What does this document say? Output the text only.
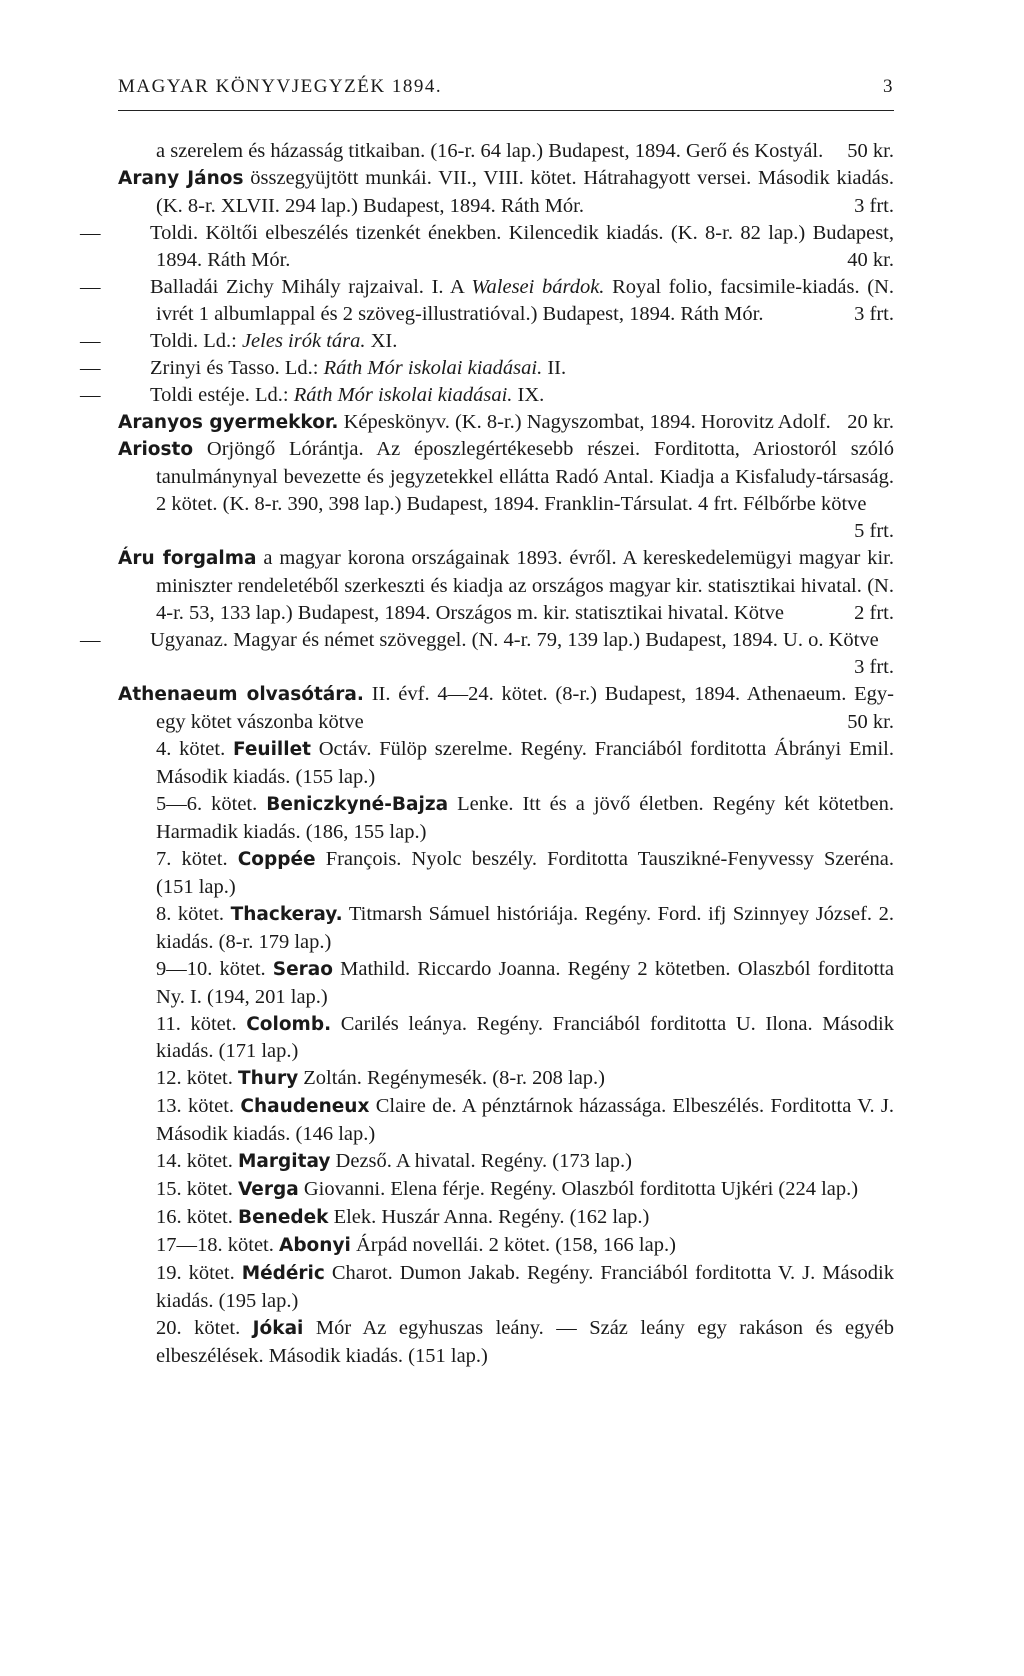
MAGYAR KÖNYVJEGYZÉK 1894.	3

a szerelem és házasság titkaiban. (16-r. 64 lap.) Budapest, 1894. Gerő és Kostyál. 50 kr.

Arany János összegyüjtött munkái. VII., VIII. kötet. Hátrahagyott versei. Második kiadás. (K. 8-r. XLVII. 294 lap.) Budapest, 1894. Ráth Mór.	3 frt.

— Toldi. Költői elbeszélés tizenkét énekben. Kilencedik kiadás. (K. 8-r. 82 lap.) Budapest, 1894. Ráth Mór.	40 kr.

— Balladái Zichy Mihály rajzaival. I. A Walesei bárdok. Royal folio, facsimile-kiadás. (N. ivrét 1 albumlappal és 2 szöveg-illustratióval.) Budapest, 1894. Ráth Mór.	3 frt.

— Toldi. Ld.: Jeles irók tára. XI.

— Zrinyi és Tasso. Ld.: Ráth Mór iskolai kiadásai. II.

— Toldi estéje. Ld.: Ráth Mór iskolai kiadásai. IX.

Aranyos gyermekkor. Képeskönyv. (K. 8-r.) Nagyszombat, 1894. Horovitz Adolf. 20 kr.

Ariosto Orjöngő Lórántja. Az époszlegértékesebb részei. Forditotta, Ariostoról szóló tanulmánynyal bevezette és jegyzetekkel ellátta Radó Antal. Kiadja a Kisfaludy-társaság. 2 kötet. (K. 8-r. 390, 398 lap.) Budapest, 1894. Franklin-Társulat. 4 frt. Félbőrbe kötve
5 frt.

Áru forgalma a magyar korona országainak 1893. évről. A kereskedelemügyi magyar kir. miniszter rendeletéből szerkeszti és kiadja az országos magyar kir. statisztikai hivatal. (N. 4-r. 53, 133 lap.) Budapest, 1894. Országos m. kir. statisztikai hivatal. Kötve	2 frt.

— Ugyanaz. Magyar és német szöveggel. (N. 4-r. 79, 139 lap.) Budapest, 1894. U. o. Kötve
3 frt.

Athenaeum olvasótára. II. évf. 4—24. kötet. (8-r.) Budapest, 1894. Athenaeum. Egy-egy kötet vászonba kötve	50 kr.

4. kötet. Feuillet Octáv. Fülöp szerelme. Regény. Franciából forditotta Ábrányi Emil. Második kiadás. (155 lap.)

5—6. kötet. Beniczkyné-Bajza Lenke. Itt és a jövő életben. Regény két kötetben. Harmadik kiadás. (186, 155 lap.)

7. kötet. Coppée François. Nyolc beszély. Forditotta Tauszikné-Fenyvessy Szeréna. (151 lap.)

8. kötet. Thackeray. Titmarsh Sámuel históriája. Regény. Ford. ifj Szinnyey József. 2. kiadás. (8-r. 179 lap.)

9—10. kötet. Serao Mathild. Riccardo Joanna. Regény 2 kötetben. Olaszból forditotta Ny. I. (194, 201 lap.)

11. kötet. Colomb. Carilés leánya. Regény. Franciából forditotta U. Ilona. Második kiadás. (171 lap.)

12. kötet. Thury Zoltán. Regénymesék. (8-r. 208 lap.)

13. kötet. Chaudeneux Claire de. A pénztárnok házassága. Elbeszélés. Forditotta V. J. Második kiadás. (146 lap.)

14. kötet. Margitay Dezső. A hivatal. Regény. (173 lap.)

15. kötet. Verga Giovanni. Elena férje. Regény. Olaszból forditotta Ujkéri (224 lap.)

16. kötet. Benedek Elek. Huszár Anna. Regény. (162 lap.)

17—18. kötet. Abonyi Árpád novellái. 2 kötet. (158, 166 lap.)

19. kötet. Médéric Charot. Dumon Jakab. Regény. Franciából forditotta V. J. Második kiadás. (195 lap.)

20. kötet. Jókai Mór Az egyhuszas leány. — Száz leány egy rakáson és egyéb elbeszélések. Második kiadás. (151 lap.)
